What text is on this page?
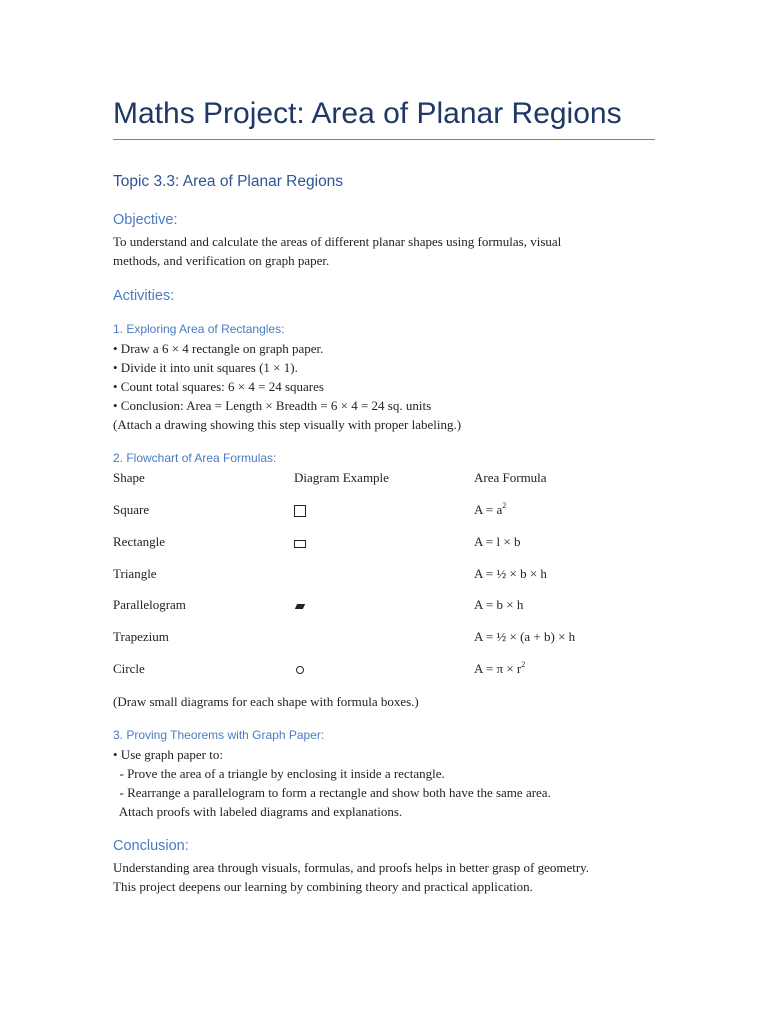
Maths Project: Area of Planar Regions
Topic 3.3: Area of Planar Regions
Objective:
To understand and calculate the areas of different planar shapes using formulas, visual
methods, and verification on graph paper.
Activities:
1. Exploring Area of Rectangles:
• Draw a 6 × 4 rectangle on graph paper.
• Divide it into unit squares (1 × 1).
• Count total squares: 6 × 4 = 24 squares
• Conclusion: Area = Length × Breadth = 6 × 4 = 24 sq. units
(Attach a drawing showing this step visually with proper labeling.)
2. Flowchart of Area Formulas:
Shape	Diagram Example	Area Formula
Square	$A = a^2$
Rectangle	A = l × b
Triangle	A = ½ × b × h
Parallelogram	A = b × h
Trapezium	A = ½ × (a + b) × h
Circle	$A = \pi \times r^2$
(Draw small diagrams for each shape with formula boxes.)
3. Proving Theorems with Graph Paper:
• Use graph paper to:
- Prove the area of a triangle by enclosing it inside a rectangle.
- Rearrange a parallelogram to form a rectangle and show both have the same area.
Attach proofs with labeled diagrams and explanations.
Conclusion:
Understanding area through visuals, formulas, and proofs helps in better grasp of geometry.
This project deepens our learning by combining theory and practical application.
